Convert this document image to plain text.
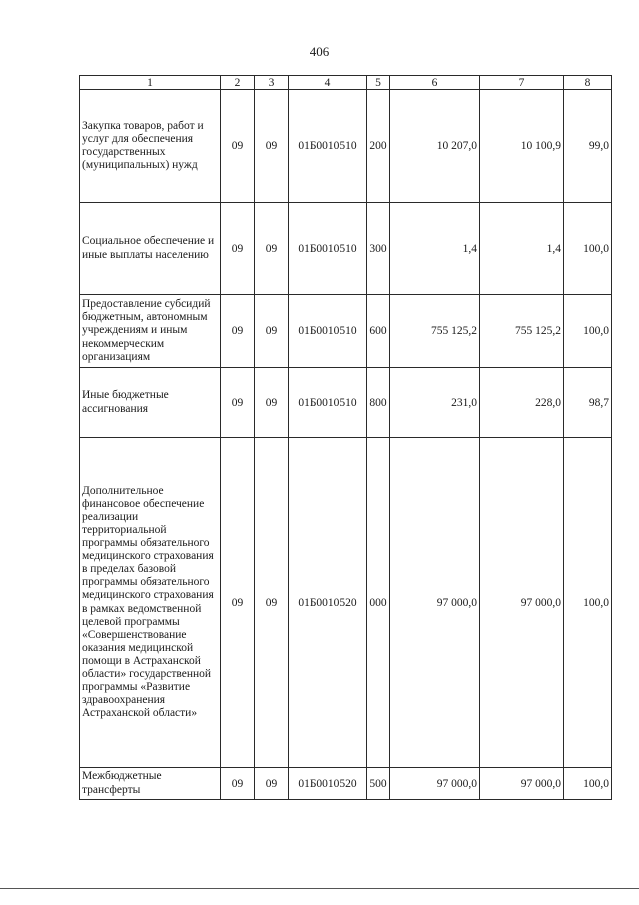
406
1	2	3	4	5	6	7	8
Закупка товаров, работ и услуг для обеспечения государственных (муниципальных) нужд	09	09	01Б0010510	200	10 207,0	10 100,9	99,0
Социальное обеспечение и иные выплаты населению	09	09	01Б0010510	300	1,4	1,4	100,0
Предоставление субсидий бюджетным, автономным учреждениям и иным некоммерческим организациям	09	09	01Б0010510	600	755 125,2	755 125,2	100,0
Иные бюджетные ассигнования	09	09	01Б0010510	800	231,0	228,0	98,7
Дополнительное финансовое обеспечение реализации территориальной программы обязательного медицинского страхования в пределах базовой программы обязательного медицинского страхования в рамках ведомственной целевой программы «Совершенствование оказания медицинской помощи в Астраханской области» государственной программы «Развитие здравоохранения Астраханской области»	09	09	01Б0010520	000	97 000,0	97 000,0	100,0
Межбюджетные трансферты	09	09	01Б0010520	500	97 000,0	97 000,0	100,0
